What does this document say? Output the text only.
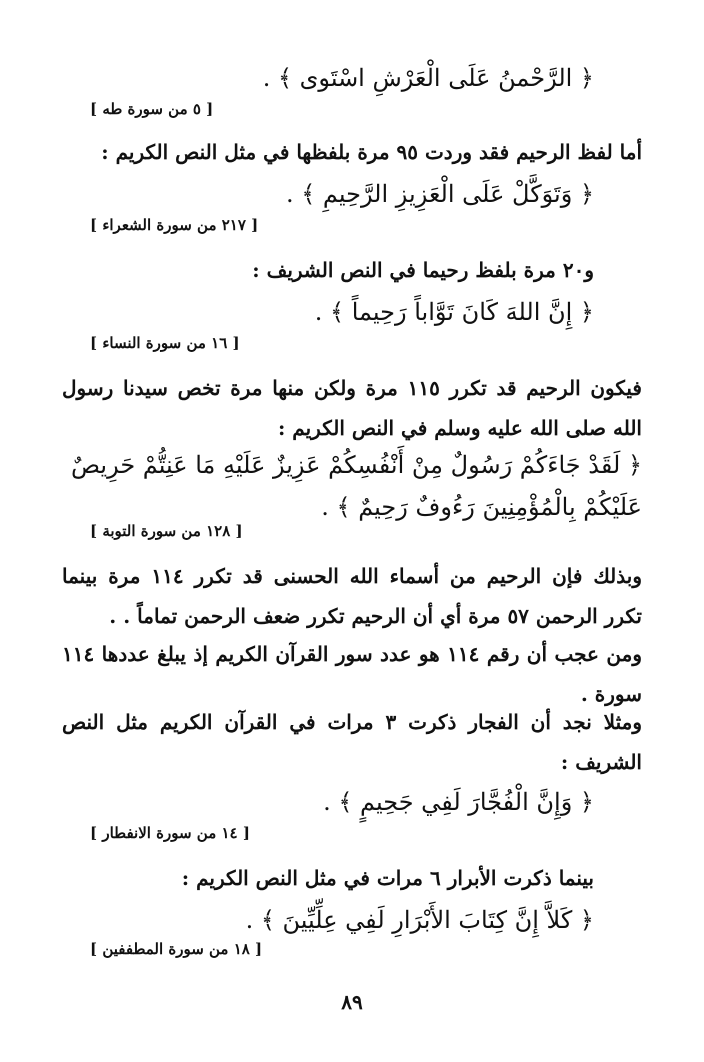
﴿ الرَّحْمنُ عَلَى الْعَرْشِ اسْتَوى ﴾ .
[ ٥ من سورة طه ]
أما لفظ الرحيم فقد وردت ٩٥ مرة بلفظها في مثل النص الكريم :
﴿ وَتَوَكَّلْ عَلَى الْعَزِيزِ الرَّحِيمِ ﴾ .
[ ٢١٧ من سورة الشعراء ]
و٢٠ مرة بلفظ رحيما في النص الشريف :
﴿ إِنَّ اللهَ كَانَ تَوَّاباً رَحِيماً ﴾ .
[ ١٦ من سورة النساء ]
فيكون الرحيم قد تكرر ١١٥ مرة ولكن منها مرة تخص سيدنا رسول الله صلى الله عليه وسلم في النص الكريم :
﴿ لَقَدْ جَاءَكُمْ رَسُولٌ مِنْ أَنْفُسِكُمْ عَزِيزٌ عَلَيْهِ مَا عَنِتُّمْ حَرِيصٌ عَلَيْكُمْ بِالْمُؤْمِنِينَ رَءُوفٌ رَحِيمٌ ﴾ .
[ ١٢٨ من سورة التوبة ]
وبذلك فإن الرحيم من أسماء الله الحسنى قد تكرر ١١٤ مرة بينما تكرر الرحمن ٥٧ مرة أي أن الرحيم تكرر ضعف الرحمن تماماً . .
ومن عجب أن رقم ١١٤ هو عدد سور القرآن الكريم إذ يبلغ عددها ١١٤ سورة .
ومثلا نجد أن الفجار ذكرت ٣ مرات في القرآن الكريم مثل النص الشريف :
﴿ وَإِنَّ الْفُجَّارَ لَفِي جَحِيمٍ ﴾ .
[ ١٤ من سورة الانفطار ]
بينما ذكرت الأبرار ٦ مرات في مثل النص الكريم :
﴿ كَلاَّ إِنَّ كِتَابَ الأَبْرَارِ لَفِي عِلِّيِّينَ ﴾ .
[ ١٨ من سورة المطففين ]
٨٩
